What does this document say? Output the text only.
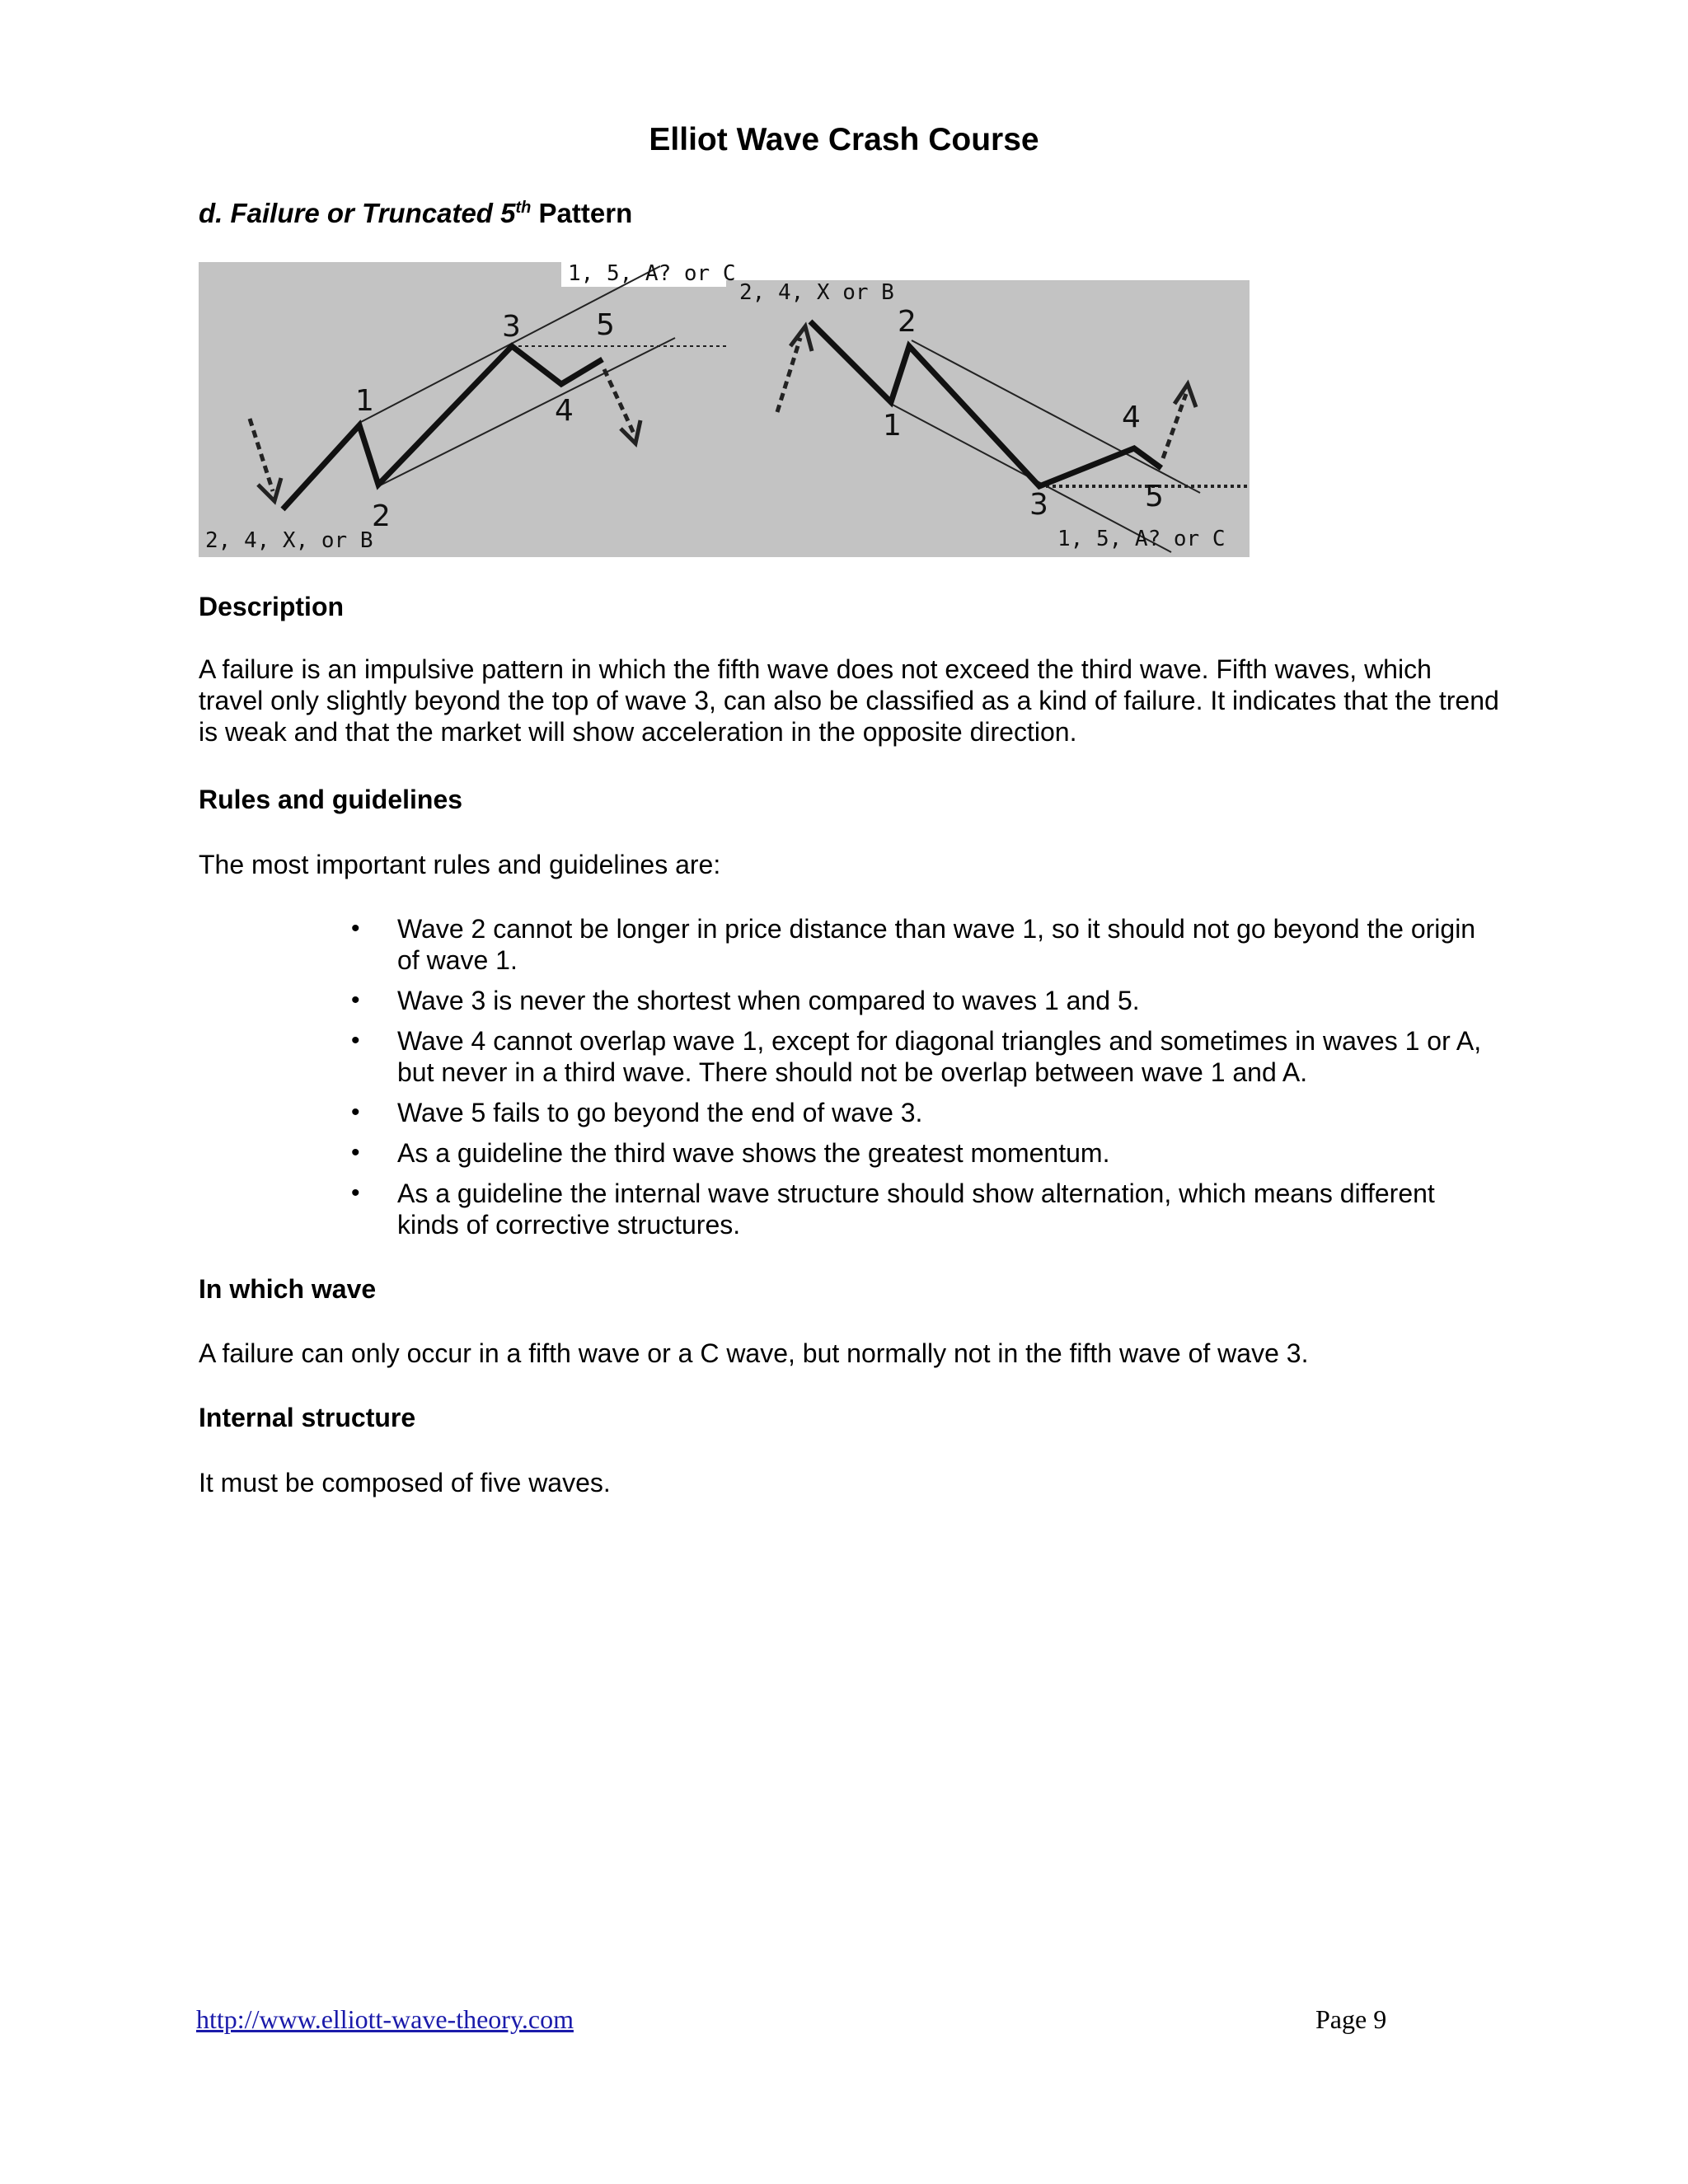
Elliot Wave Crash Course
d. Failure or Truncated 5th Pattern
1, 5, A? or C
2, 4, X, or B
1
2
3
4
5
2, 4, X or B
1, 5, A? or C
1
2
3
4
5
Description

A failure is an impulsive pattern in which the fifth wave does not exceed the third wave. Fifth waves, which travel only slightly beyond the top of wave 3, can also be classified as a kind of failure. It indicates that the trend is weak and that the market will show acceleration in the opposite direction.

Rules and guidelines

The most important rules and guidelines are:

• Wave 2 cannot be longer in price distance than wave 1, so it should not go beyond the origin of wave 1.
• Wave 3 is never the shortest when compared to waves 1 and 5.
• Wave 4 cannot overlap wave 1, except for diagonal triangles and sometimes in waves 1 or A, but never in a third wave. There should not be overlap between wave 1 and A.
• Wave 5 fails to go beyond the end of wave 3.
• As a guideline the third wave shows the greatest momentum.
• As a guideline the internal wave structure should show alternation, which means different kinds of corrective structures.
In which wave

A failure can only occur in a fifth wave or a C wave, but normally not in the fifth wave of wave 3.

Internal structure

It must be composed of five waves.

http://www.elliott-wave-theory.com	Page 9
